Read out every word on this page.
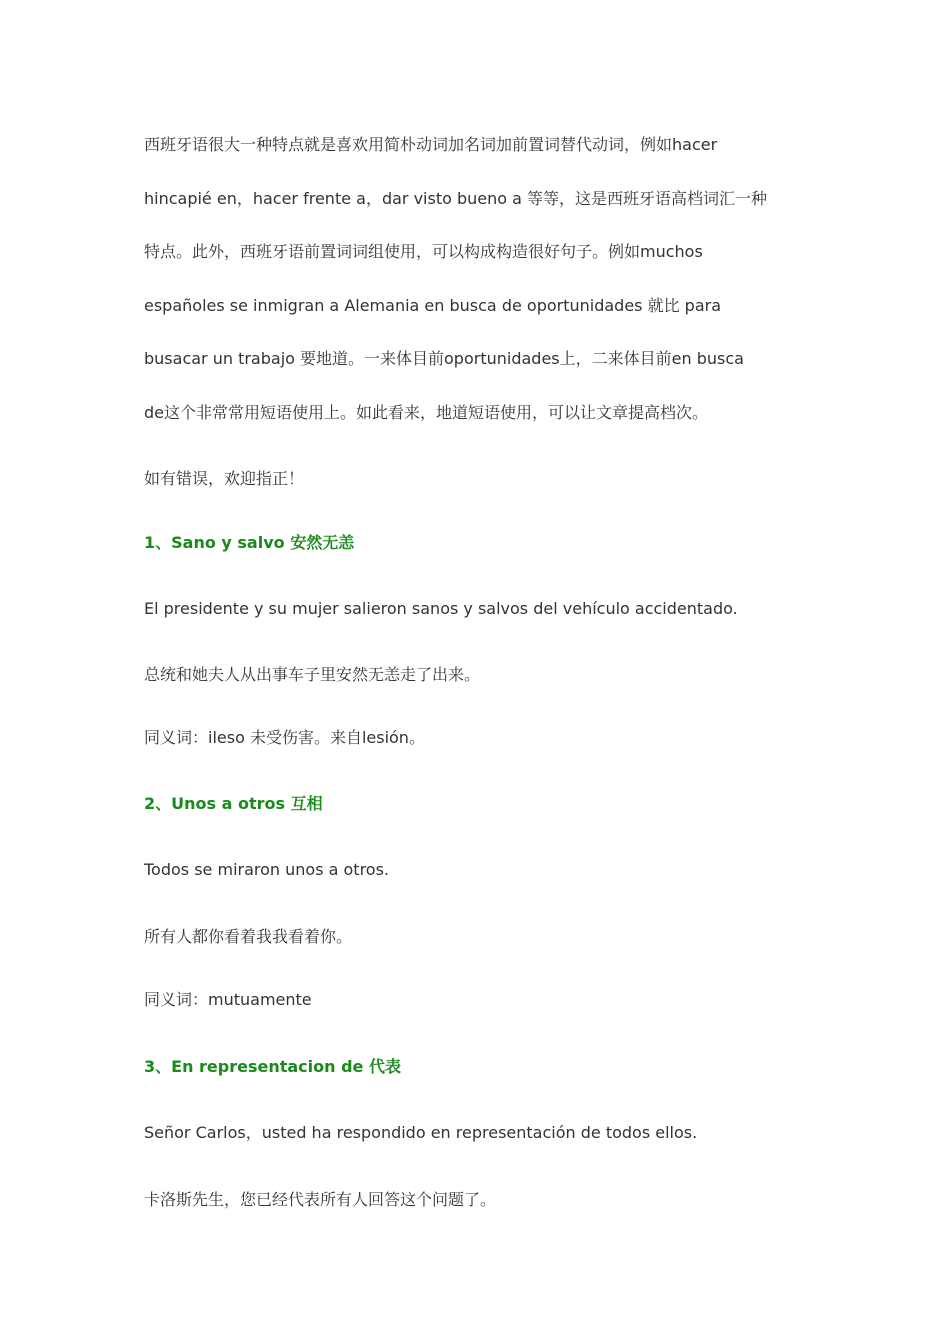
西班牙语很大一种特点就是喜欢用简朴动词加名词加前置词替代动词，例如hacer

hincapié en，hacer frente a，dar visto bueno a 等等，这是西班牙语高档词汇一种

特点。此外，西班牙语前置词词组使用，可以构成构造很好句子。例如muchos

españoles se inmigran a Alemania en busca de oportunidades 就比 para

busacar un trabajo 要地道。一来体目前oportunidades上，二来体目前en busca

de这个非常常用短语使用上。如此看来，地道短语使用，可以让文章提高档次。

如有错误，欢迎指正！

1、Sano y salvo 安然无恙

El presidente y su mujer salieron sanos y salvos del vehículo accidentado.

总统和她夫人从出事车子里安然无恙走了出来。

同义词：ileso 未受伤害。来自lesión。

2、Unos a otros 互相

Todos se miraron unos a otros.

所有人都你看着我我看着你。

同义词：mutuamente

3、En representacion de 代表

Señor Carlos，usted ha respondido en representación de todos ellos.

卡洛斯先生，您已经代表所有人回答这个问题了。
